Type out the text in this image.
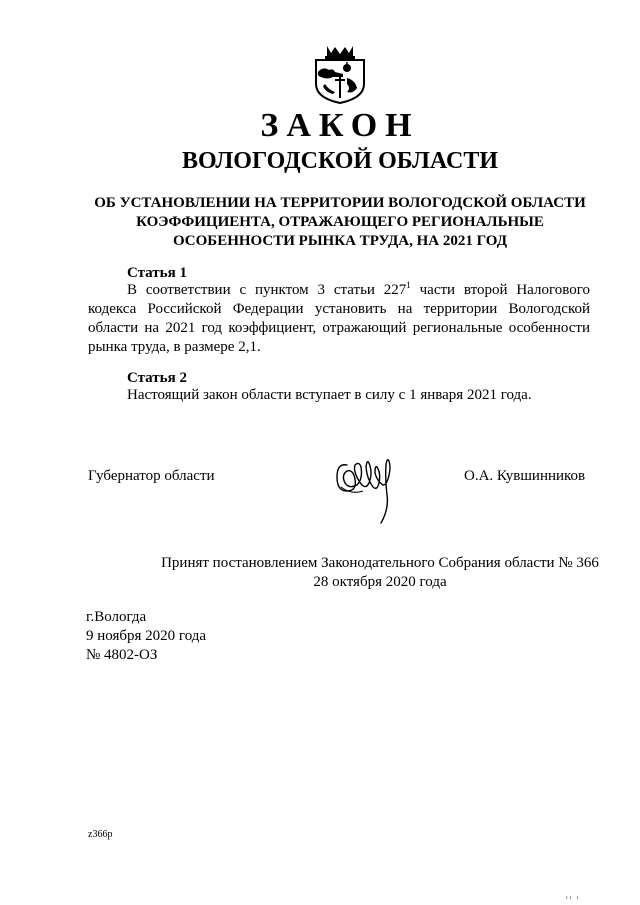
ЗАКОН
ВОЛОГОДСКОЙ ОБЛАСТИ
ОБ УСТАНОВЛЕНИИ НА ТЕРРИТОРИИ ВОЛОГОДСКОЙ ОБЛАСТИ
КОЭФФИЦИЕНТА, ОТРАЖАЮЩЕГО РЕГИОНАЛЬНЫЕ
ОСОБЕННОСТИ РЫНКА ТРУДА, НА 2021 ГОД
Статья 1
В соответствии с пунктом 3 статьи $227^1$ части второй Налогового
кодекса Российской Федерации установить на территории Вологодской
области на 2021 год коэффициент, отражающий региональные особенности
рынка труда, в размере 2,1.
Статья 2
Настоящий закон области вступает в силу с 1 января 2021 года.
Губернатор области	О.А. Кувшинников
Принят постановлением Законодательного Собрания области № 366
28 октября 2020 года
г.Вологда
9 ноября 2020 года
№ 4802-ОЗ
z366p
ıı ı
